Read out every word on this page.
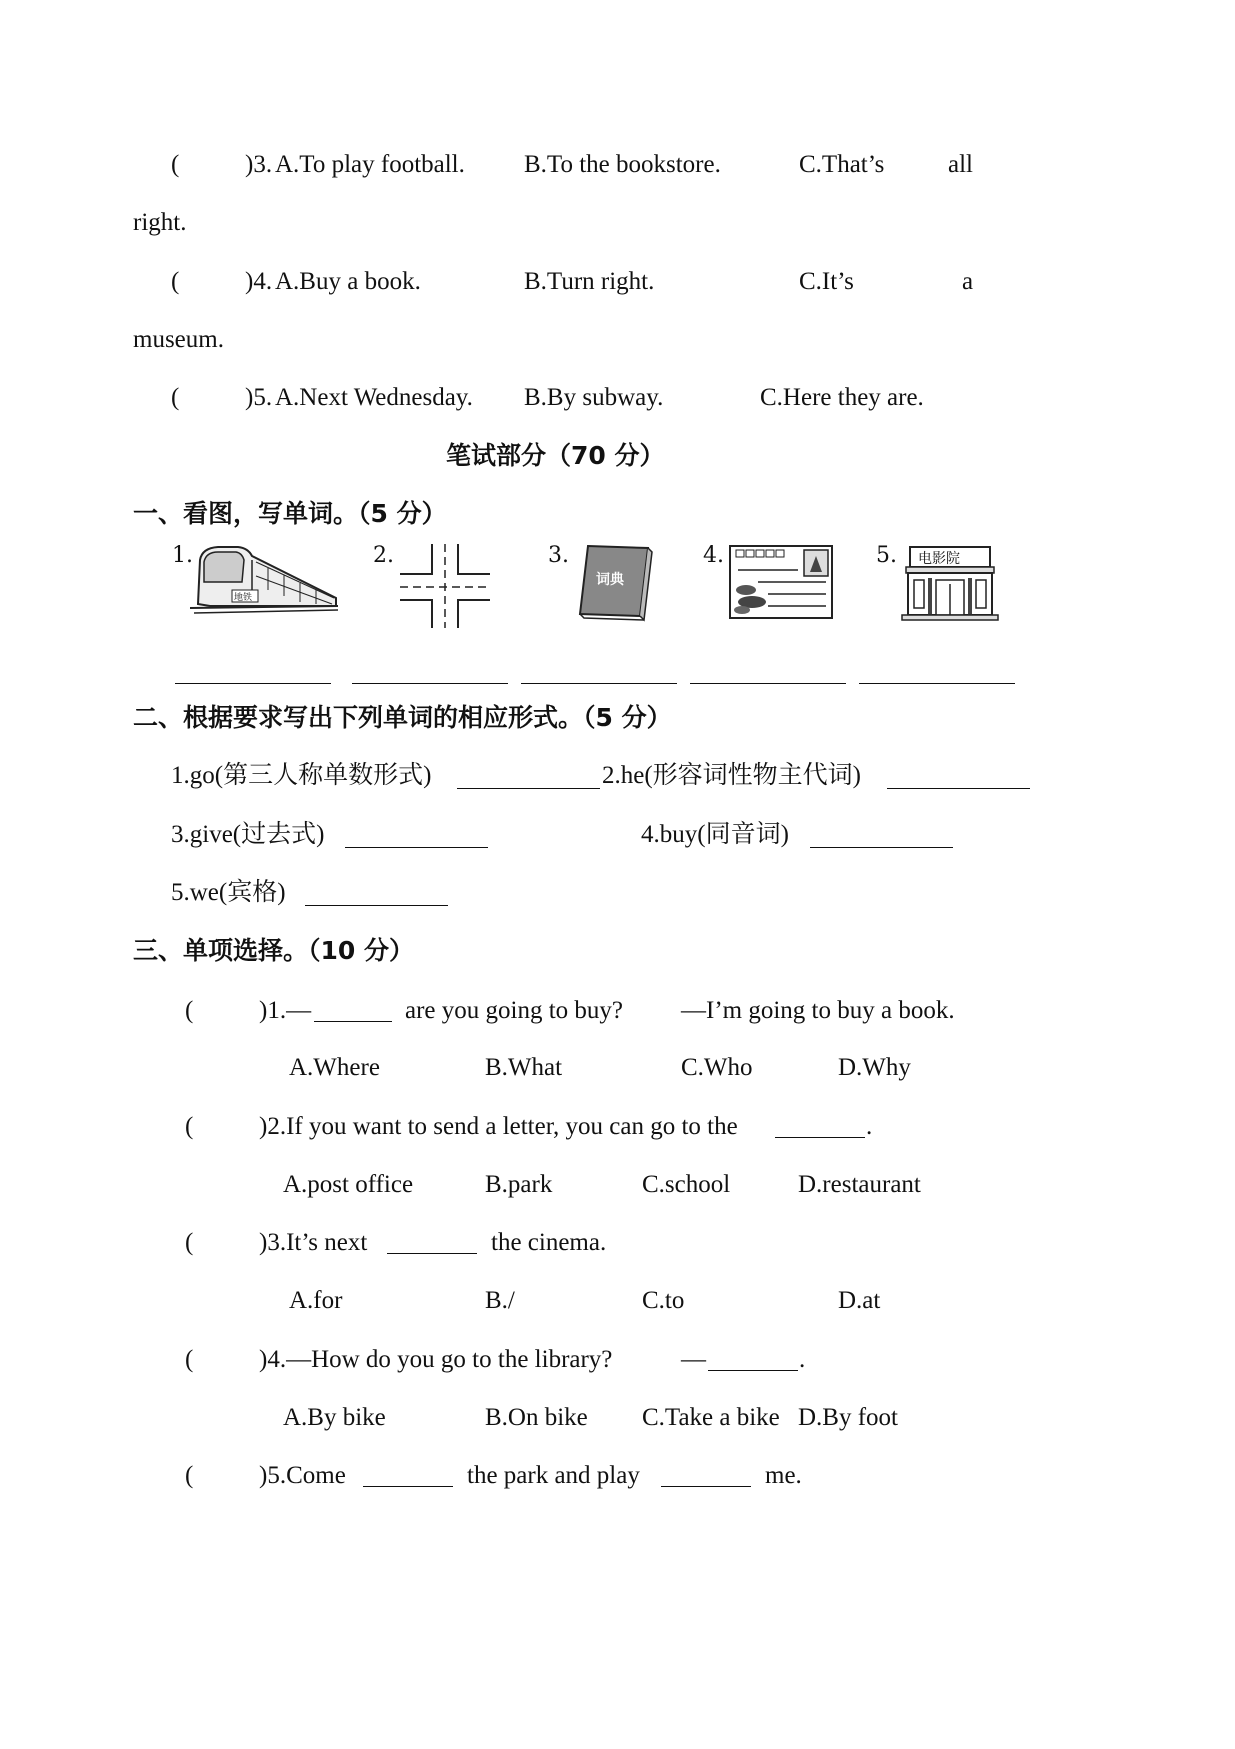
(	)3. A.To play football. B.To the bookstore.	C.That’s	all
right.
(	)4. A.Buy a book.	B.Turn right.	C.It’s	a
museum.
(	)5. A.Next Wednesday. B.By subway.	C.Here they are.
笔试部分（70 分）
一、看图，写单词。（5 分）
1.
地铁
2.	3.
词典
4.	5. 电影院
二、根据要求写出下列单词的相应形式。（5 分）
1.go(第三人称单数形式)	2.he(形容词性物主代词)
3.give(过去式)	4.buy(同音词)
5.we(宾格)
三、单项选择。（10 分）
(	)1.—	are you going to buy? —I’m going to buy a book.
A.Where	B.What	C.Who	D.Why
(	)2.If you want to send a letter, you can go to the	.
A.post office	B.park	C.school	D.restaurant
(	)3.It’s next	the cinema.
A.for	B./	C.to	D.at
(	)4.—How do you go to the library?	—	.
A.By bike	B.On bike C.Take a bike D.By foot
(	)5.Come	the park and play	me.
